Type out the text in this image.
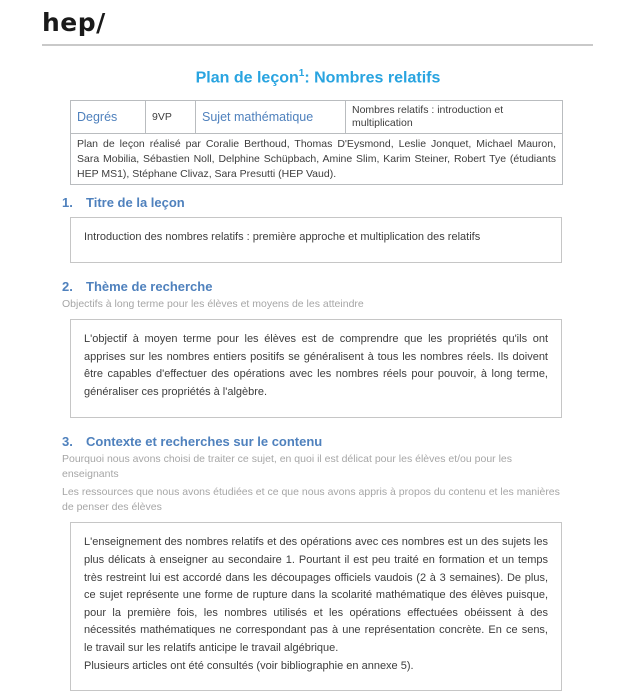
hep/
Plan de leçon$^1$: Nombres relatifs
Degrés	9VP	Sujet mathématique	Nombres relatifs : introduction et multiplication
Plan de leçon réalisé par Coralie Berthoud, Thomas D'Eysmond, Leslie Jonquet, Michael Mauron, Sara Mobilia, Sébastien Noll, Delphine Schüpbach, Amine Slim, Karim Steiner, Robert Tye (étudiants HEP MS1), Stéphane Clivaz, Sara Presutti (HEP Vaud).
1.	Titre de la leçon

Introduction des nombres relatifs : première approche et multiplication des relatifs

2.	Thème de recherche
Objectifs à long terme pour les élèves et moyens de les atteindre

L'objectif à moyen terme pour les élèves est de comprendre que les propriétés qu'ils ont apprises sur les nombres entiers positifs se généralisent à tous les nombres réels. Ils doivent être capables d'effectuer des opérations avec les nombres réels pour pouvoir, à long terme, généraliser ces propriétés à l'algèbre.

3.	Contexte et recherches sur le contenu
Pourquoi nous avons choisi de traiter ce sujet, en quoi il est délicat pour les élèves et/ou pour les enseignants
Les ressources que nous avons étudiées et ce que nous avons appris à propos du contenu et les manières de penser des élèves

L'enseignement des nombres relatifs et des opérations avec ces nombres est un des sujets les plus délicats à enseigner au secondaire 1. Pourtant il est peu traité en formation et un temps très restreint lui est accordé dans les découpages officiels vaudois (2 à 3 semaines). De plus, ce sujet représente une forme de rupture dans la scolarité mathématique des élèves puisque, pour la première fois, les nombres utilisés et les opérations effectuées obéissent à des nécessités mathématiques ne correspondant pas à une représentation concrète. En ce sens, le travail sur les relatifs anticipe le travail algébrique.

Plusieurs articles ont été consultés (voir bibliographie en annexe 5).
